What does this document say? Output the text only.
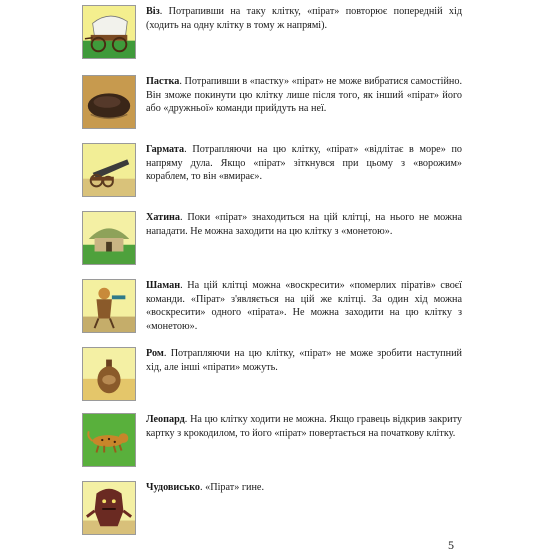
Віз. Потрапивши на таку клітку, «пірат» повторює попередній хід (ходить на одну клітку в тому ж напрямі).
Пастка. Потрапивши в «пастку» «пірат» не може вибратися самостійно. Він зможе покинути цю клітку лише після того, як інший «пірат» його або «дружньої» команди прийдуть на неї.
Гармата. Потрапляючи на цю клітку, «пірат» «відлітає в море» по напряму дула. Якщо «пірат» зіткнувся при цьому з «ворожим» кораблем, то він «вмирає».
Хатина. Поки «пірат» знаходиться на цій клітці, на нього не можна нападати. Не можна заходити на цю клітку з «монетою».
Шаман. На цій клітці можна «воскресити» «померлих піратів» своєї команди. «Пірат» з'являється на цій же клітці. За один хід можна «воскресити» одного «пірата». Не можна заходити на цю клітку з «монетою».
Ром. Потрапляючи на цю клітку, «пірат» не може зробити наступний хід, але інші «пірати» можуть.
Леопард. На цю клітку ходити не можна. Якщо гравець відкрив закриту картку з крокодилом, то його «пірат» повертається на початкову клітку.
Чудовисько. «Пірат» гине.
5
